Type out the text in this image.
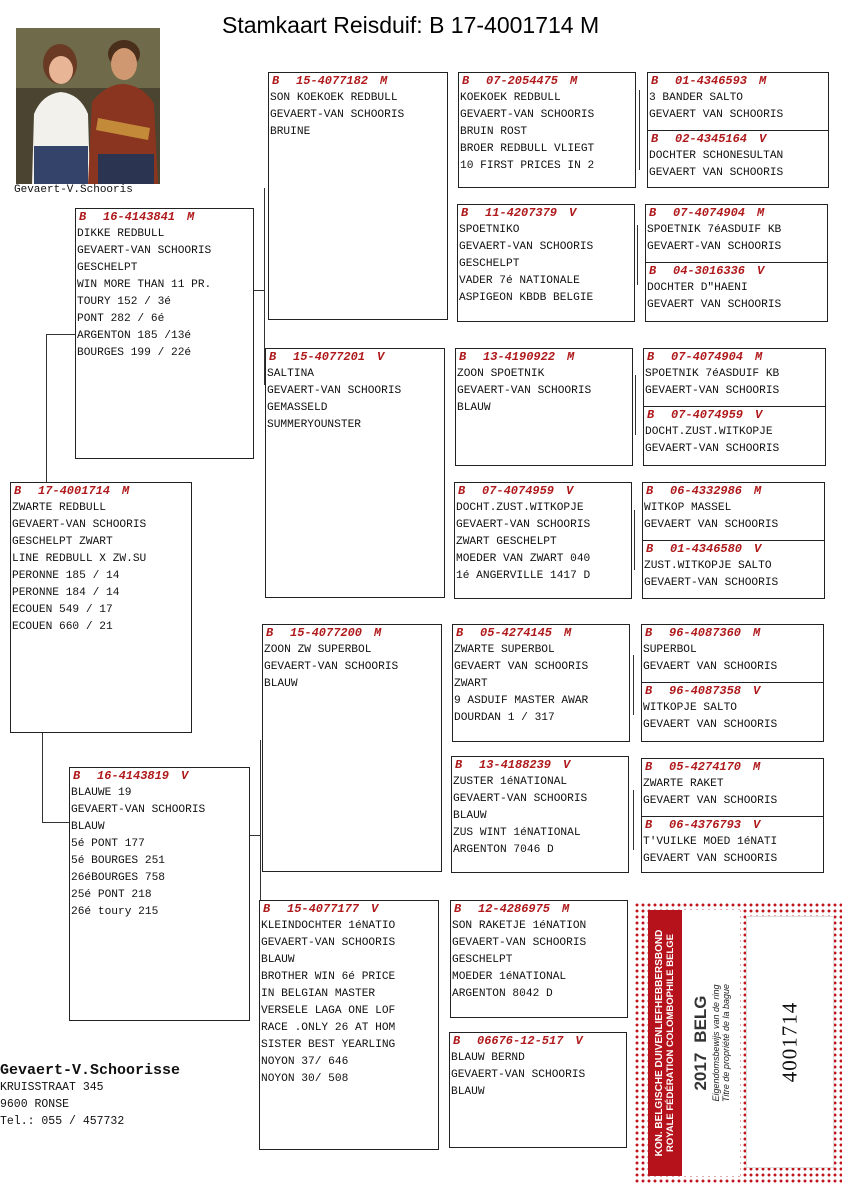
Stamkaart Reisduif: B 17-4001714 M
Gevaert-V.Schooris
B 17-4001714 M
ZWARTE REDBULL
GEVAERT-VAN SCHOORIS
GESCHELPT ZWART
LINE REDBULL X ZW.SU
PERONNE 185 / 14
PERONNE 184 / 14
ECOUEN 549 / 17
ECOUEN 660 / 21
B 16-4143841 M
DIKKE REDBULL
GEVAERT-VAN SCHOORIS
GESCHELPT
WIN MORE THAN 11 PR.
TOURY 152 / 3é
PONT 282 / 6é
ARGENTON 185 /13é
BOURGES 199 / 22é
B 16-4143819 V
BLAUWE 19
GEVAERT-VAN SCHOORIS
BLAUW
5é PONT 177
5é BOURGES 251
26éBOURGES 758
25é PONT 218
26é toury 215
B 15-4077182 M
SON KOEKOEK REDBULL
GEVAERT-VAN SCHOORIS
BRUINE
B 15-4077201 V
SALTINA
GEVAERT-VAN SCHOORIS
GEMASSELD
SUMMERYOUNSTER
B 15-4077200 M
ZOON ZW SUPERBOL
GEVAERT-VAN SCHOORIS
BLAUW
B 15-4077177 V
KLEINDOCHTER 1éNATIO
GEVAERT-VAN SCHOORIS
BLAUW
BROTHER WIN 6é PRICE
IN BELGIAN MASTER
VERSELE LAGA ONE LOF
RACE .ONLY 26 AT HOM
SISTER BEST YEARLING
NOYON 37/ 646
NOYON 30/ 508
B 07-2054475 M
KOEKOEK REDBULL
GEVAERT-VAN SCHOORIS
BRUIN ROST
BROER REDBULL VLIEGT
10 FIRST PRICES IN 2
B 11-4207379 V
SPOETNIKO
GEVAERT-VAN SCHOORIS
GESCHELPT
VADER 7é NATIONALE
ASPIGEON KBDB BELGIE
B 13-4190922 M
ZOON SPOETNIK
GEVAERT-VAN SCHOORIS
BLAUW
B 07-4074959 V
DOCHT.ZUST.WITKOPJE
GEVAERT-VAN SCHOORIS
ZWART GESCHELPT
MOEDER VAN ZWART 040
1é ANGERVILLE 1417 D
B 05-4274145 M
ZWARTE SUPERBOL
GEVAERT VAN SCHOORIS
ZWART
9 ASDUIF MASTER AWAR
DOURDAN 1 / 317
B 13-4188239 V
ZUSTER 1éNATIONAL
GEVAERT-VAN SCHOORIS
BLAUW
ZUS WINT 1éNATIONAL
ARGENTON 7046 D
B 12-4286975 M
SON RAKETJE 1éNATION
GEVAERT-VAN SCHOORIS
GESCHELPT
MOEDER 1éNATIONAL
ARGENTON 8042 D
B 06676-12-517 V
BLAUW BERND
GEVAERT-VAN SCHOORIS
BLAUW
B 01-4346593 M
3 BANDER SALTO
GEVAERT VAN SCHOORIS
B 02-4345164 V
DOCHTER SCHONESULTAN
GEVAERT VAN SCHOORIS
B 07-4074904 M
SPOETNIK 7éASDUIF KB
GEVAERT-VAN SCHOORIS
B 04-3016336 V
DOCHTER D"HAENI
GEVAERT VAN SCHOORIS
B 07-4074904 M
SPOETNIK 7éASDUIF KB
GEVAERT-VAN SCHOORIS
B 07-4074959 V
DOCHT.ZUST.WITKOPJE
GEVAERT-VAN SCHOORIS
B 06-4332986 M
WITKOP MASSEL
GEVAERT VAN SCHOORIS
B 01-4346580 V
ZUST.WITKOPJE SALTO
GEVAERT-VAN SCHOORIS
B 96-4087360 M
SUPERBOL
GEVAERT VAN SCHOORIS
B 96-4087358 V
WITKOPJE SALTO
GEVAERT VAN SCHOORIS
B 05-4274170 M
ZWARTE RAKET
GEVAERT VAN SCHOORIS
B 06-4376793 V
T'VUILKE MOED 1éNATI
GEVAERT VAN SCHOORIS
Gevaert-V.Schoorisse
KRUISSTRAAT 345
9600 RONSE
Tel.: 055 / 457732	KON. BELGISCHE DUIVENLIEFHEBBERSBOND ROYALE FÉDÉRATION COLOMBOPHILE BELGE 2017BELG Eigendomsbewijs van de ring Titre de propriété de la bague 4001714
